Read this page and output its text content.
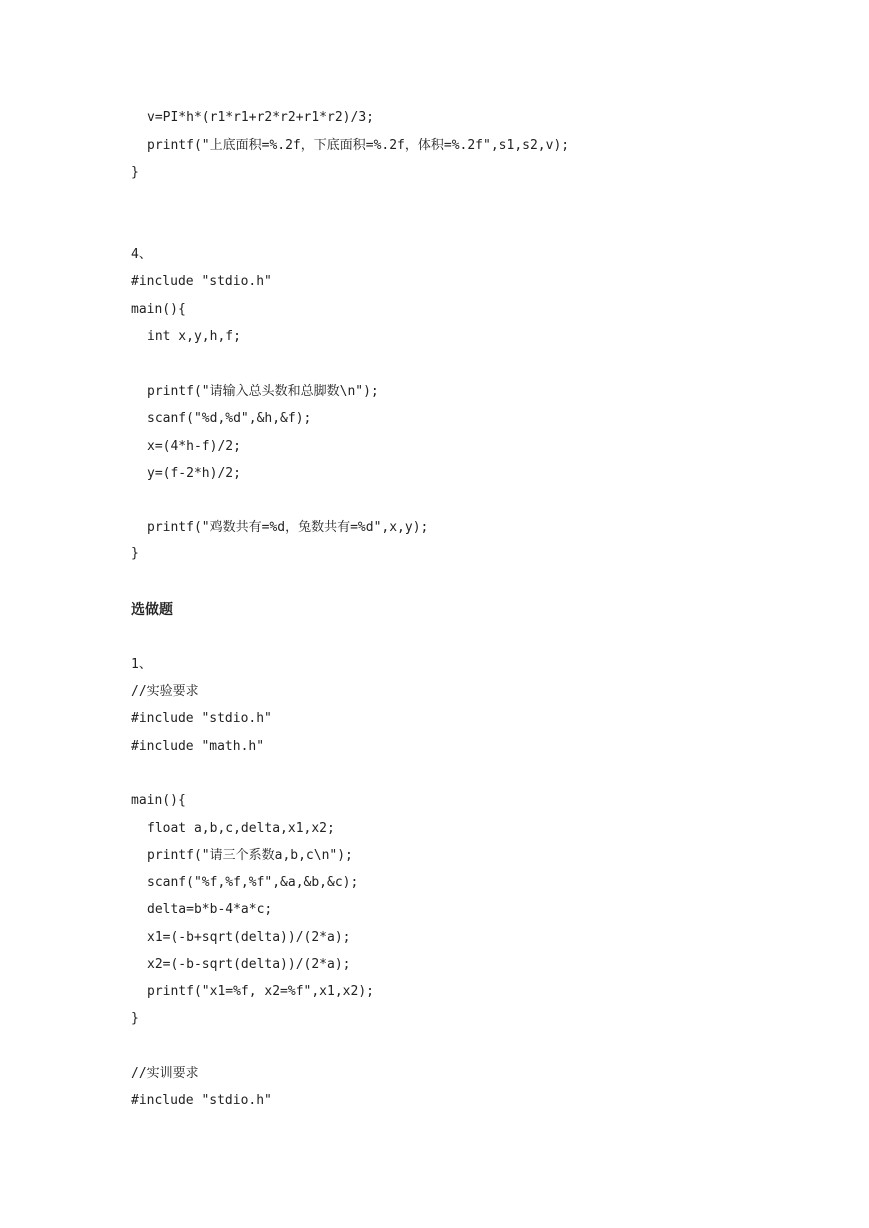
v=PI*h*(r1*r1+r2*r2+r1*r2)/3;
printf("上底面积=%.2f，下底面积=%.2f，体积=%.2f",s1,s2,v);
}
4、
#include "stdio.h"
main(){
int x,y,h,f;
printf("请输入总头数和总脚数\n");
scanf("%d,%d",&h,&f);
x=(4*h-f)/2;
y=(f-2*h)/2;
printf("鸡数共有=%d，兔数共有=%d",x,y);
}
选做题
1、
//实验要求
#include "stdio.h"
#include "math.h"
main(){
float a,b,c,delta,x1,x2;
printf("请三个系数a,b,c\n");
scanf("%f,%f,%f",&a,&b,&c);
delta=b*b-4*a*c;
x1=(-b+sqrt(delta))/(2*a);
x2=(-b-sqrt(delta))/(2*a);
printf("x1=%f, x2=%f",x1,x2);
}
//实训要求
#include "stdio.h"
